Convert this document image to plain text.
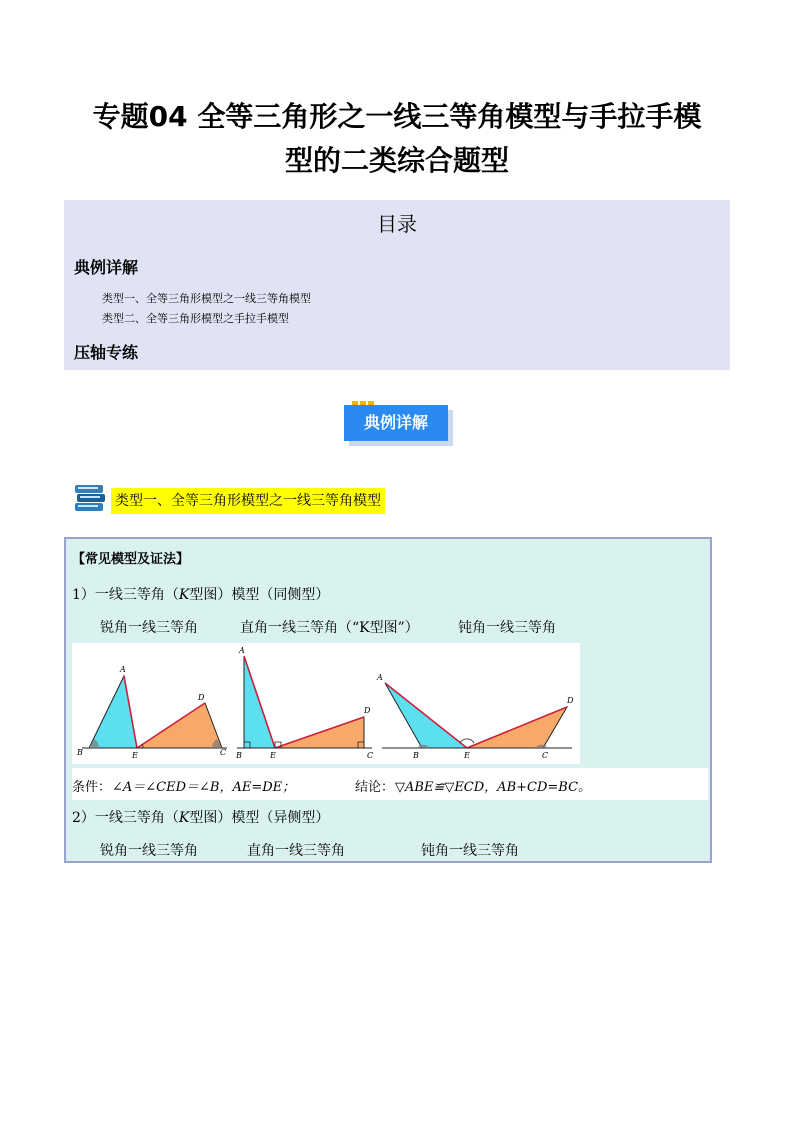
专题04 全等三角形之一线三等角模型与手拉手模
型的二类综合题型
目录
典例详解
类型一、全等三角形模型之一线三等角模型
类型二、全等三角形模型之手拉手模型
压轴专练
典例详解
类型一、全等三角形模型之一线三等角模型
【常见模型及证法】
1）一线三等角（K型图）模型（同侧型）
锐角一线三等角	直角一线三等角（“K型图”）	钝角一线三等角
A
B	E
D
C
A
B	E
D
C
A
B	E
D
C
条件： ∠A＝∠CED＝∠B，AE=DE；	结论： ▽ABE≌▽ECD，AB+CD=BC。
2）一线三等角（K型图）模型（异侧型）
锐角一线三等角	直角一线三等角	钝角一线三等角
